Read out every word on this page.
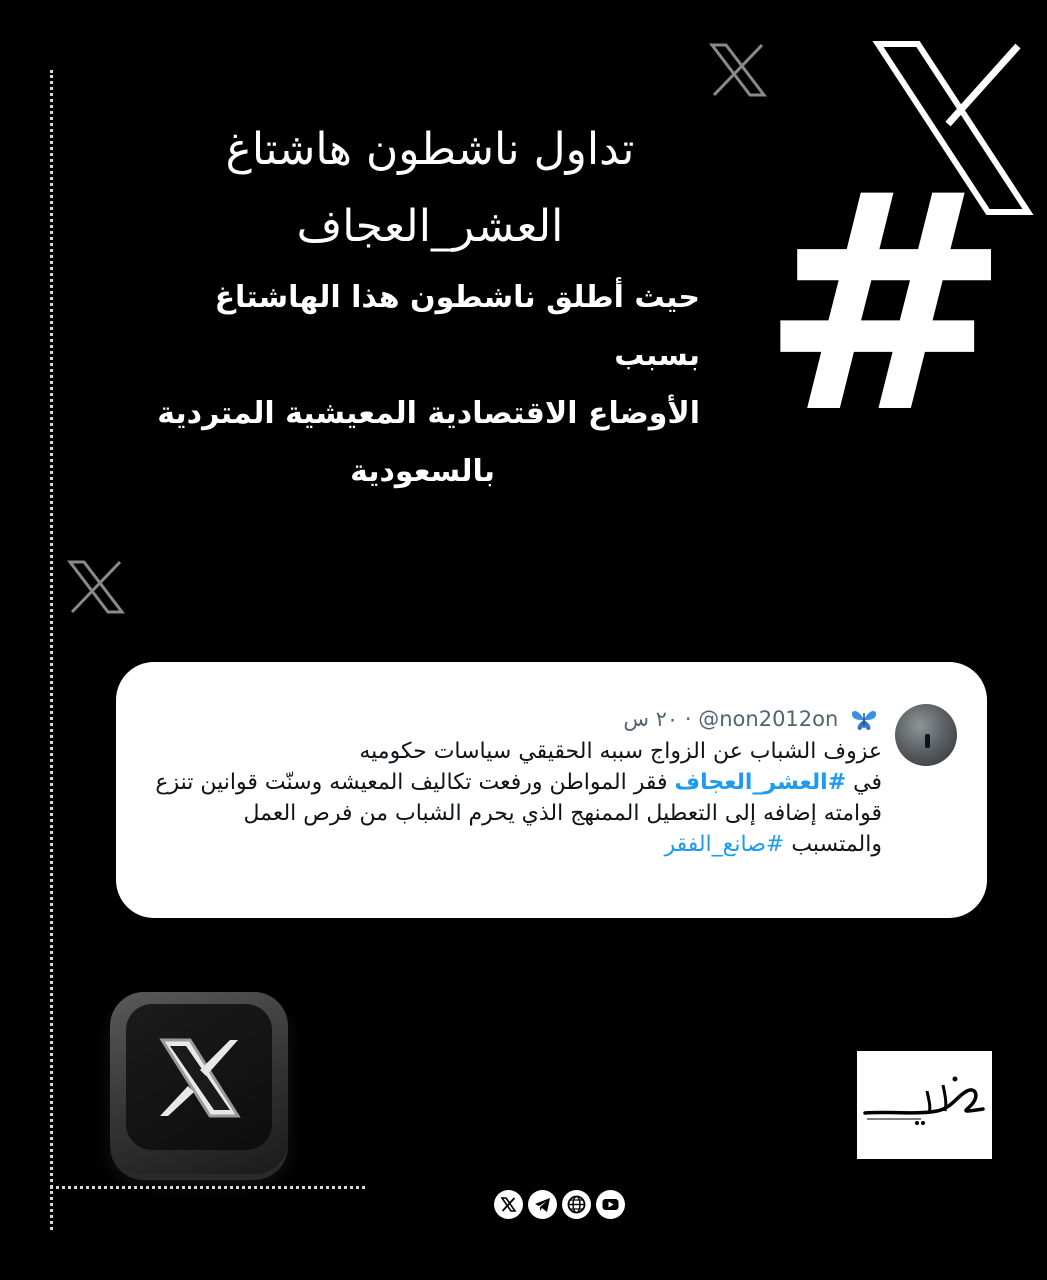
تداول ناشطون هاشتاغ
العشر_العجاف
حيث أطلق ناشطون هذا الهاشتاغ بسبب
الأوضاع الاقتصادية المعيشية المتردية
بالسعودية #
@non2012on · ٢٠ س

عزوف الشباب عن الزواج سببه الحقيقي سياسات حكوميه

في #العشر_العجاف فقر المواطن ورفعت تكاليف المعيشه وسنّت قوانين تنزع

قوامته إضافه إلى التعطيل الممنهج الذي يحرم الشباب من فرص العمل

والمتسبب #صانع_الفقر
